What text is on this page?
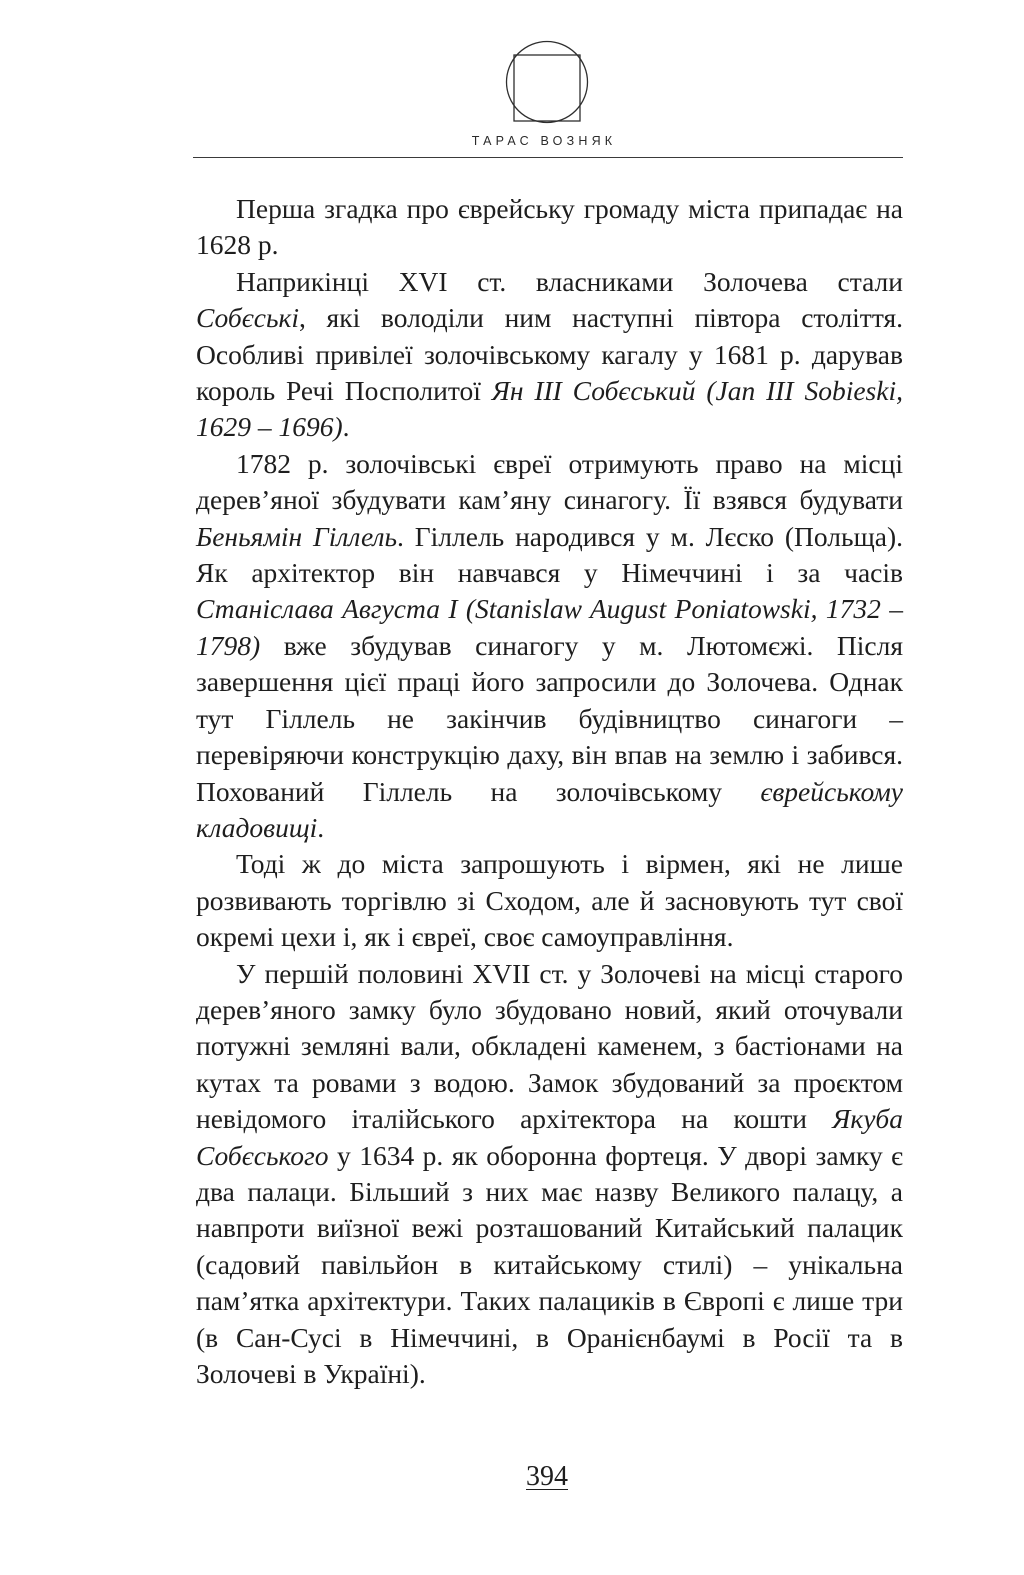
ТАРАС ВОЗНЯК

Перша згадка про єврейську громаду міста припадає на 1628 р.

Наприкінці XVI ст. власниками Золочева стали Собєські, які володіли ним наступні півтора століття. Особливі привілеї золочівському кагалу у 1681 р. дарував король Речі Посполитої Ян ІІІ Собєський (Jan III Sobieski, 1629 – 1696).

1782 р. золочівські євреї отримують право на місці дерев’яної збудувати кам’яну синагогу. Її взявся будувати Беньямін Гіллель. Гіллель народився у м. Лєско (Польща). Як архітектор він навчався у Німеччині і за часів Станіслава Августа І (Stanislaw August Poniatowski, 1732 – 1798) вже збудував синагогу у м. Лютомєжі. Після завершення цієї праці його запросили до Золочева. Однак тут Гіллель не закінчив будівництво синагоги – перевіряючи конструкцію даху, він впав на землю і забився. Похований Гіллель на золочівському єврейському кладовищі.

Тоді ж до міста запрошують і вірмен, які не лише розвивають торгівлю зі Сходом, але й засновують тут свої окремі цехи і, як і євреї, своє самоуправління.

У першій половині XVII ст. у Золочеві на місці старого дерев’яного замку було збудовано новий, який оточували потужні земляні вали, обкладені каменем, з бастіонами на кутах та ровами з водою. Замок збудований за проєктом невідомого італійського архітектора на кошти Якуба Собєського у 1634 р. як оборонна фортеця. У дворі замку є два палаци. Більший з них має назву Великого палацу, а навпроти виїзної вежі розташований Китайський палацик (садовий павільйон в китайському стилі) – унікальна пам’ятка архітектури. Таких палациків в Європі є лише три (в Сан-Сусі в Німеччині, в Оранієнбаумі в Росії та в Золочеві в Україні).

394
